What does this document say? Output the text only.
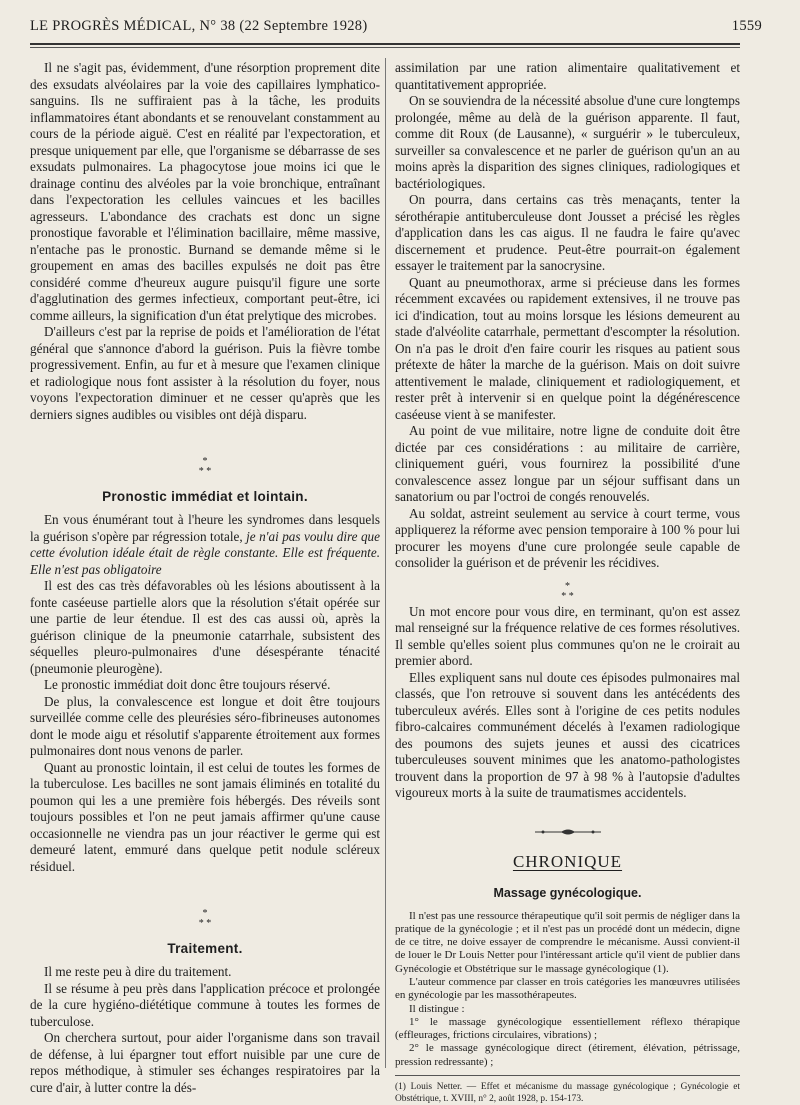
LE PROGRÈS MÉDICAL, N° 38 (22 Septembre 1928)	1559

Il ne s'agit pas, évidemment, d'une résorption proprement dite des exsudats alvéolaires par la voie des capillaires lymphatico-sanguins. Ils ne suffiraient pas à la tâche, les produits inflammatoires étant abondants et se renouvelant constamment au cours de la période aiguë. C'est en réalité par l'expectoration, et presque uniquement par elle, que l'organisme se débarrasse de ses exsudats pulmonaires. La phagocytose joue moins ici que le drainage continu des alvéoles par la voie bronchique, entraînant dans l'expectoration les cellules vaincues et les bacilles agresseurs. L'abondance des crachats est donc un signe pronostique favorable et l'élimination bacillaire, même massive, n'entache pas le pronostic. Burnand se demande même si le groupement en amas des bacilles expulsés ne doit pas être considéré comme d'heureux augure puisqu'il figure une sorte d'agglutination des germes infectieux, comportant peut-être, ici comme ailleurs, la signification d'un état prelytique des microbes.

D'ailleurs c'est par la reprise de poids et l'amélioration de l'état général que s'annonce d'abord la guérison. Puis la fièvre tombe progressivement. Enfin, au fur et à mesure que l'examen clinique et radiologique nous font assister à la résolution du foyer, nous voyons l'expectoration diminuer et ne cesser qu'après que les derniers signes audibles ou visibles ont déjà disparu.

*
* *
Pronostic immédiat et lointain.

En vous énumérant tout à l'heure les syndromes dans lesquels la guérison s'opère par régression totale, je n'ai pas voulu dire que cette évolution idéale était de règle constante. Elle est fréquente. Elle n'est pas obligatoire

Il est des cas très défavorables où les lésions aboutissent à la fonte caséeuse partielle alors que la résolution s'était opérée sur une partie de leur étendue. Il est des cas aussi où, après la guérison clinique de la pneumonie catarrhale, subsistent des séquelles pleuro-pulmonaires d'une désespérante ténacité (pneumonie pleurogène).

Le pronostic immédiat doit donc être toujours réservé.

De plus, la convalescence est longue et doit être toujours surveillée comme celle des pleurésies séro-fibrineuses autonomes dont le mode aigu et résolutif s'apparente étroitement aux formes pulmonaires dont nous venons de parler.

Quant au pronostic lointain, il est celui de toutes les formes de la tuberculose. Les bacilles ne sont jamais éliminés en totalité du poumon qui les a une première fois hébergés. Des réveils sont toujours possibles et l'on ne peut jamais affirmer qu'une cause occasionnelle ne viendra pas un jour réactiver le germe qui est demeuré latent, emmuré dans quelque petit nodule scléreux résiduel.

*
* *
Traitement.

Il me reste peu à dire du traitement.

Il se résume à peu près dans l'application précoce et prolongée de la cure hygiéno-diététique commune à toutes les formes de tuberculose.

On cherchera surtout, pour aider l'organisme dans son travail de défense, à lui épargner tout effort nuisible par une cure de repos méthodique, à stimuler ses échanges respiratoires par la cure d'air, à lutter contre la dés-

assimilation par une ration alimentaire qualitativement et quantitativement appropriée.

On se souviendra de la nécessité absolue d'une cure longtemps prolongée, même au delà de la guérison apparente. Il faut, comme dit Roux (de Lausanne), « surguérir » le tuberculeux, surveiller sa convalescence et ne parler de guérison qu'un an au moins après la disparition des signes cliniques, radiologiques et bactériologiques.

On pourra, dans certains cas très menaçants, tenter la sérothérapie antituberculeuse dont Jousset a précisé les règles d'application dans les cas aigus. Il ne faudra le faire qu'avec discernement et prudence. Peut-être pourrait-on également essayer le traitement par la sanocrysine.

Quant au pneumothorax, arme si précieuse dans les formes récemment excavées ou rapidement extensives, il ne trouve pas ici d'indication, tout au moins lorsque les lésions demeurent au stade d'alvéolite catarrhale, permettant d'escompter la résolution. On n'a pas le droit d'en faire courir les risques au patient sous prétexte de hâter la marche de la guérison. Mais on doit suivre attentivement le malade, cliniquement et radiologiquement, et rester prêt à intervenir si en quelque point la dégénérescence caséeuse vient à se manifester.

Au point de vue militaire, notre ligne de conduite doit être dictée par ces considérations : au militaire de carrière, cliniquement guéri, vous fournirez la possibilité d'une convalescence assez longue par un séjour suffisant dans un sanatorium ou par l'octroi de congés renouvelés.

Au soldat, astreint seulement au service à court terme, vous appliquerez la réforme avec pension temporaire à 100 % pour lui procurer les moyens d'une cure prolongée seule capable de consolider la guérison et de prévenir les récidives.

*
* *

Un mot encore pour vous dire, en terminant, qu'on est assez mal renseigné sur la fréquence relative de ces formes résolutives. Il semble qu'elles soient plus communes qu'on ne le croirait au premier abord.

Elles expliquent sans nul doute ces épisodes pulmonaires mal classés, que l'on retrouve si souvent dans les antécédents des tuberculeux avérés. Elles sont à l'origine de ces petits nodules fibro-calcaires communément décelés à l'examen radiologique des poumons des sujets jeunes et aussi des cicatrices tuberculeuses souvent minimes que les anatomo-pathologistes trouvent dans la proportion de 97 à 98 % à l'autopsie d'adultes vigoureux morts à la suite de traumatismes accidentels.

CHRONIQUE
Massage gynécologique.

Il n'est pas une ressource thérapeutique qu'il soit permis de négliger dans la pratique de la gynécologie ; et il n'est pas un procédé dont un médecin, digne de ce titre, ne doive essayer de comprendre le mécanisme. Aussi convient-il de louer le Dr Louis Netter pour l'intéressant article qu'il vient de publier dans Gynécologie et Obstétrique sur le massage gynécologique (1).

L'auteur commence par classer en trois catégories les manœuvres utilisées en gynécologie par les massothérapeutes.

Il distingue :

1° le massage gynécologique essentiellement réflexo thérapique (effleurages, frictions circulaires, vibrations) ;

2° le massage gynécologique direct (étirement, élévation, pétrissage, pression redressante) ;

(1) Louis Netter. — Effet et mécanisme du massage gynécologique ; Gynécologie et Obstétrique, t. XVIII, n° 2, août 1928, p. 154-173.
